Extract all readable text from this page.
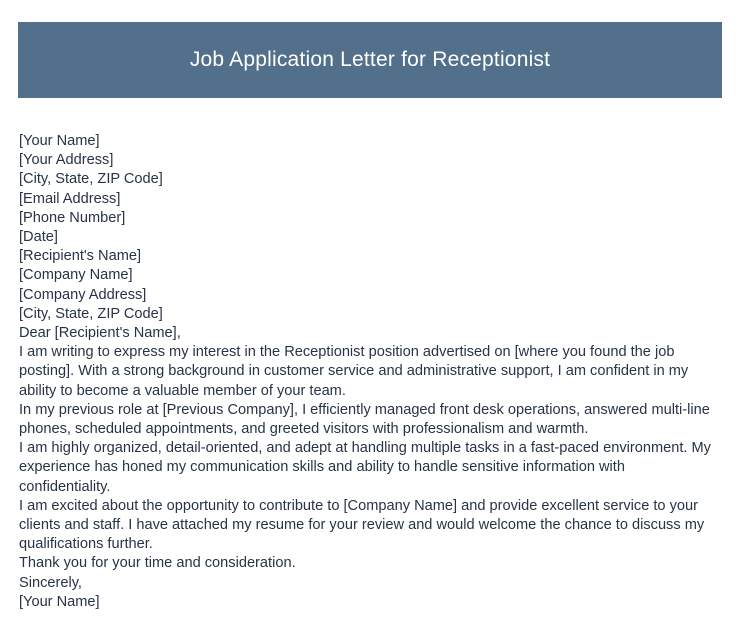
Job Application Letter for Receptionist

[Your Name]

[Your Address]

[City, State, ZIP Code]

[Email Address]

[Phone Number]

[Date]

[Recipient's Name]

[Company Name]

[Company Address]

[City, State, ZIP Code]

Dear [Recipient's Name],

I am writing to express my interest in the Receptionist position advertised on [where you found the job posting]. With a strong background in customer service and administrative support, I am confident in my ability to become a valuable member of your team.

In my previous role at [Previous Company], I efficiently managed front desk operations, answered multi-line phones, scheduled appointments, and greeted visitors with professionalism and warmth.

I am highly organized, detail-oriented, and adept at handling multiple tasks in a fast-paced environment. My experience has honed my communication skills and ability to handle sensitive information with confidentiality.

I am excited about the opportunity to contribute to [Company Name] and provide excellent service to your clients and staff. I have attached my resume for your review and would welcome the chance to discuss my qualifications further.

Thank you for your time and consideration.

Sincerely,

[Your Name]
